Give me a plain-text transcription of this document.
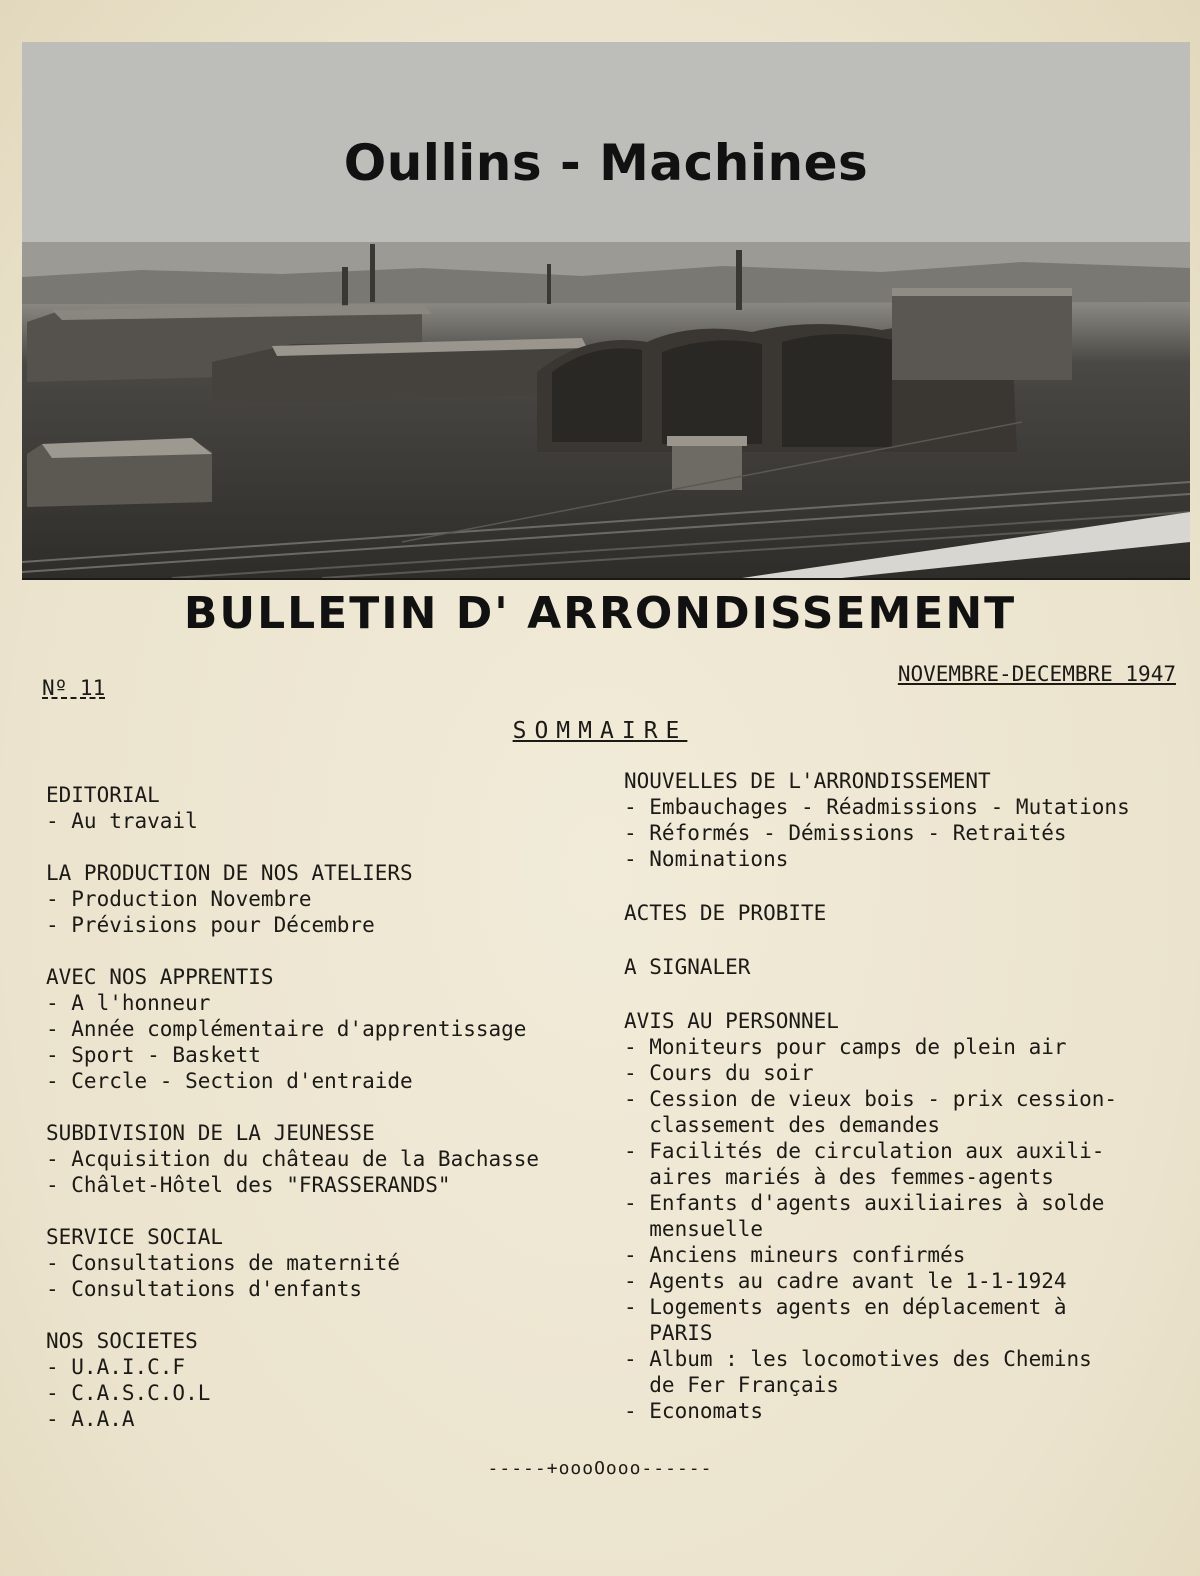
Oullins - Machines
BULLETIN D' ARRONDISSEMENT
Nº 11
NOVEMBRE-DECEMBRE 1947
SOMMAIRE
EDITORIAL
- Au travail
LA PRODUCTION DE NOS ATELIERS
- Production Novembre
- Prévisions pour Décembre
AVEC NOS APPRENTIS
- A l'honneur
- Année complémentaire d'apprentissage
- Sport - Baskett
- Cercle - Section d'entraide
SUBDIVISION DE LA JEUNESSE
- Acquisition du château de la Bachasse
- Châlet-Hôtel des "FRASSERANDS"
SERVICE SOCIAL
- Consultations de maternité
- Consultations d'enfants
NOS SOCIETES
- U.A.I.C.F
- C.A.S.C.O.L
- A.A.A
NOUVELLES DE L'ARRONDISSEMENT
- Embauchages - Réadmissions - Mutations
- Réformés - Démissions - Retraités
- Nominations
ACTES DE PROBITE
A SIGNALER
AVIS AU PERSONNEL
- Moniteurs pour camps de plein air
- Cours du soir
- Cession de vieux bois - prix cession-
classement des demandes
- Facilités de circulation aux auxili-
aires mariés à des femmes-agents
- Enfants d'agents auxiliaires à solde
mensuelle
- Anciens mineurs confirmés
- Agents au cadre avant le 1-1-1924
- Logements agents en déplacement à
PARIS
- Album : les locomotives des Chemins
de Fer Français
- Economats
-----+oooOooo------
